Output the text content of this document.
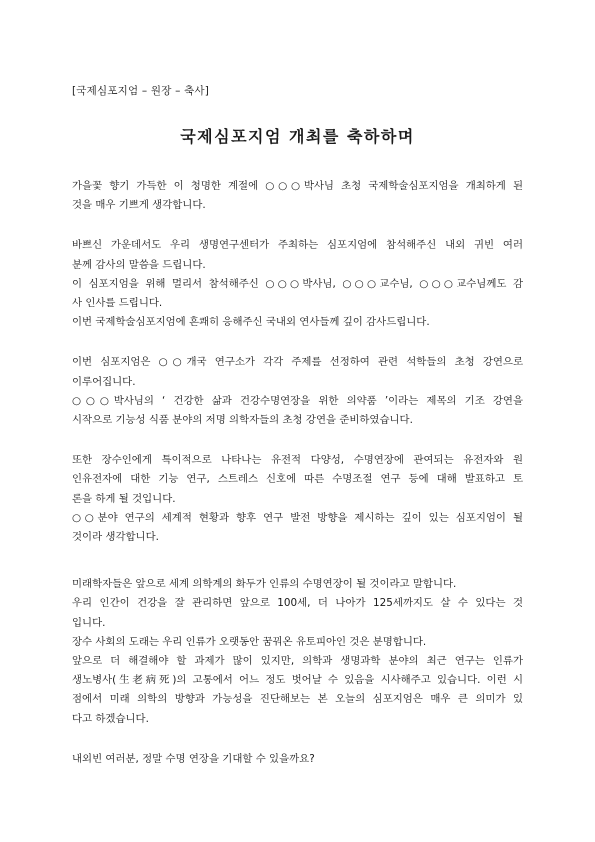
[국제심포지엄 – 원장 – 축사]
국제심포지엄 개최를 축하하며
가을꽃 향기 가득한 이 청명한 계절에 ○○○박사님 초청 국제학술심포지엄을 개최하게 된
것을 매우 기쁘게 생각합니다.
바쁘신 가운데서도 우리 생명연구센터가 주최하는 심포지엄에 참석해주신 내외 귀빈 여러
분께 감사의 말씀을 드립니다.
이 심포지엄을 위해 멀리서 참석해주신 ○○○박사님, ○○○교수님, ○○○교수님께도 감
사 인사를 드립니다.
이번 국제학술심포지엄에 흔쾌히 응해주신 국내외 연사들께 깊이 감사드립니다.
이번 심포지엄은 ○○개국 연구소가 각각 주제를 선정하여 관련 석학들의 초청 강연으로
이루어집니다.
○○○박사님의 ‘ 건강한 삶과 건강수명연장을 위한 의약품 ’이라는 제목의 기조 강연을
시작으로 기능성 식품 분야의 저명 의학자들의 초청 강연을 준비하였습니다.
또한 장수인에게 특이적으로 나타나는 유전적 다양성, 수명연장에 관여되는 유전자와 원
인유전자에 대한 기능 연구, 스트레스 신호에 따른 수명조절 연구 등에 대해 발표하고 토
론을 하게 될 것입니다.
○○분야 연구의 세계적 현황과 향후 연구 발전 방향을 제시하는 깊이 있는 심포지엄이 될
것이라 생각합니다.
미래학자들은 앞으로 세계 의학계의 화두가 인류의 수명연장이 될 것이라고 말합니다.
우리 인간이 건강을 잘 관리하면 앞으로 100세, 더 나아가 125세까지도 살 수 있다는 것
입니다.
장수 사회의 도래는 우리 인류가 오랫동안 꿈꿔온 유토피아인 것은 분명합니다.
앞으로 더 해결해야 할 과제가 많이 있지만, 의학과 생명과학 분야의 최근 연구는 인류가
생노병사(生老病死)의 고통에서 어느 정도 벗어날 수 있음을 시사해주고 있습니다. 이런 시
점에서 미래 의학의 방향과 가능성을 진단해보는 본 오늘의 심포지엄은 매우 큰 의미가 있
다고 하겠습니다.
내외빈 여러분, 정말 수명 연장을 기대할 수 있을까요?
